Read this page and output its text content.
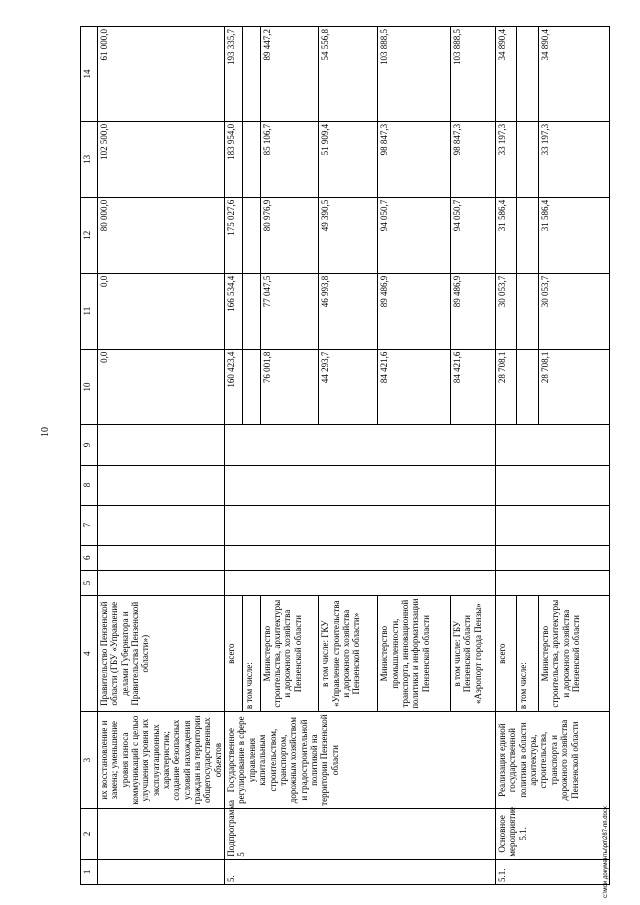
10
1	2	3	4	5	6	7	8	9	10	11	12	13	14
		их восстановление и замена; уменьшение уровня износа коммуникаций с целью улучшения уровня их эксплуатационных характеристик; создание безопасных условий нахождения граждан на территории общегосударственных объектов	Правительство Пензенской области (ГБУ «Управление делами Губернатора и Правительства Пензенской области»)						0,0	0,0	80 000,0	102 500,0	61 000,0
5.	Подпрограмма 5	Государственное регулирование в сфере управления капитальным строительством, транспортом, дорожным хозяйством и градостроительной политикой на территории Пензенской области	всего						160 423,4	166 534,4	175 027,6	183 954,0	193 335,7
			в том числе:										
			Министерство строительства, архитектуры и дорожного хозяйства Пензенской области						76 001,8	77 047,5	80 976,9	85 106,7	89 447,2
			в том числе: ГКУ «Управление строительства и дорожного хозяйства Пензенской области»						44 293,7	46 993,8	49 390,5	51 909,4	54 556,8
			Министерство промышленности, транспорта, инновационной политики и информатизации Пензенской области						84 421,6	89 486,9	94 050,7	98 847,3	103 888,5
			в том числе: ГБУ Пензенской области «Аэропорт города Пензы»						84 421,6	89 486,9	94 050,7	98 847,3	103 888,5
5.1.	Основное мероприятие 5.1.	Реализация единой государственной политики в области архитектуры, строительства, транспорта и дорожного хозяйства Пензенской области	всего						28 708,1	30 053,7	31 586,4	33 197,3	34 890,4
			в том числе:										
			Министерство строительства, архитектуры и дорожного хозяйства Пензенской области						28 708,1	30 053,7	31 586,4	33 197,3	34 890,4
c:\мои документы\рп\287-пп.docx
